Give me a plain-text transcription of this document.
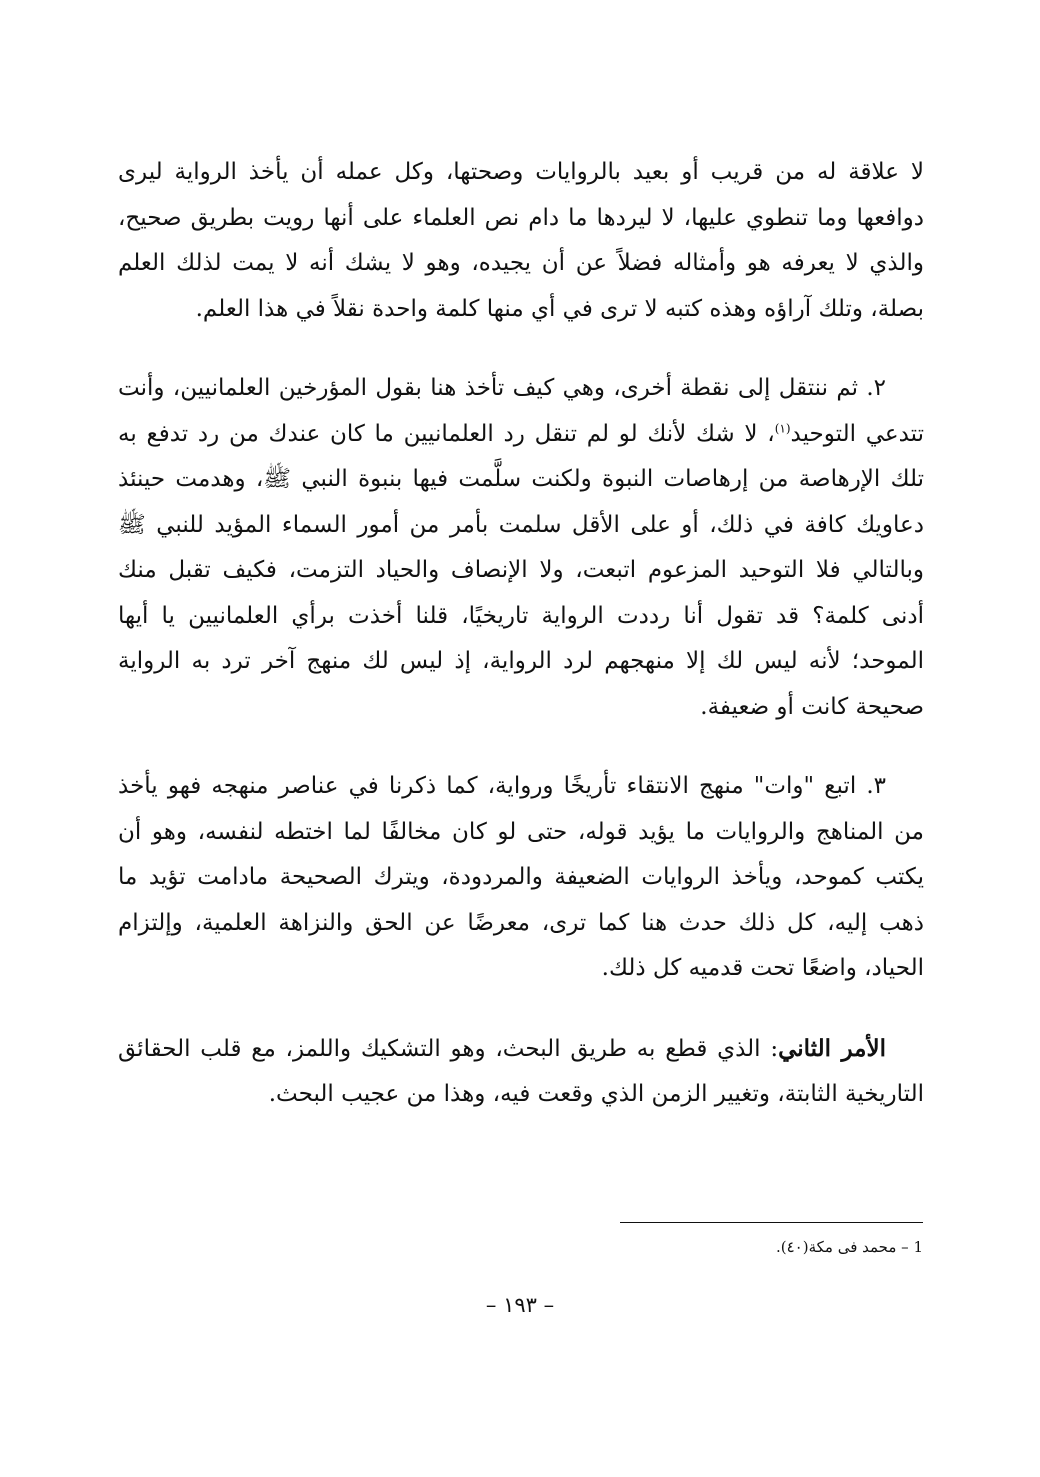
لا علاقة له من قريب أو بعيد بالروايات وصحتها، وكل عمله أن يأخذ الرواية ليرى دوافعها وما تنطوي عليها، لا ليردها ما دام نص العلماء على أنها رويت بطريق صحيح، والذي لا يعرفه هو وأمثاله فضلاً عن أن يجيده، وهو لا يشك أنه لا يمت لذلك العلم بصلة، وتلك آراؤه وهذه كتبه لا ترى في أي منها كلمة واحدة نقلاً في هذا العلم.

٢. ثم ننتقل إلى نقطة أخرى، وهي كيف تأخذ هنا بقول المؤرخين العلمانيين، وأنت تتدعي التوحيد$^{(١)}$، لا شك لأنك لو لم تنقل رد العلمانيين ما كان عندك من رد تدفع به تلك الإرهاصة من إرهاصات النبوة ولكنت سلَّمت فيها بنبوة النبي ﷺ، وهدمت حينئذ دعاويك كافة في ذلك، أو على الأقل سلمت بأمر من أمور السماء المؤيد للنبي ﷺ وبالتالي فلا التوحيد المزعوم اتبعت، ولا الإنصاف والحياد التزمت، فكيف تقبل منك أدنى كلمة؟ قد تقول أنا رددت الرواية تاريخيًا، قلنا أخذت برأي العلمانيين يا أيها الموحد؛ لأنه ليس لك إلا منهجهم لرد الرواية، إذ ليس لك منهج آخر ترد به الرواية صحيحة كانت أو ضعيفة.

٣. اتبع "وات" منهج الانتقاء تأريخًا ورواية، كما ذكرنا في عناصر منهجه فهو يأخذ من المناهج والروايات ما يؤيد قوله، حتى لو كان مخالفًا لما اختطه لنفسه، وهو أن يكتب كموحد، ويأخذ الروايات الضعيفة والمردودة، ويترك الصحيحة مادامت تؤيد ما ذهب إليه، كل ذلك حدث هنا كما ترى، معرضًا عن الحق والنزاهة العلمية، وإلتزام الحياد، واضعًا تحت قدميه كل ذلك.

الأمر الثاني: الذي قطع به طريق البحث، وهو التشكيك واللمز، مع قلب الحقائق التاريخية الثابتة، وتغيير الزمن الذي وقعت فيه، وهذا من عجيب البحث.

1 – محمد فى مكة(٤٠).
– ١٩٣ –
